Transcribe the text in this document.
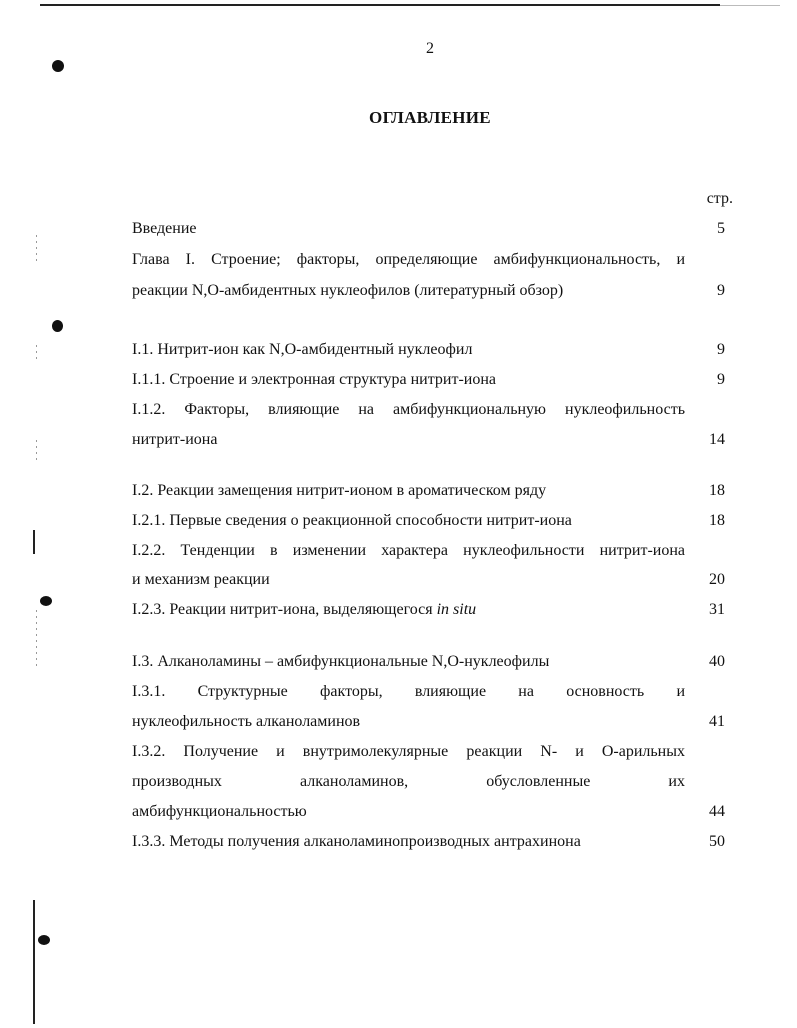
2
ОГЛАВЛЕНИЕ
стр.
Введение	5
Глава I. Строение; факторы, определяющие амбифункциональность, и
реакции N,O-амбидентных нуклеофилов (литературный обзор)	9
I.1. Нитрит-ион как N,O-амбидентный нуклеофил	9
I.1.1. Строение и электронная структура нитрит-иона	9
I.1.2. Факторы, влияющие на амбифункциональную нуклеофильность
нитрит-иона	14
I.2. Реакции замещения нитрит-ионом в ароматическом ряду	18
I.2.1. Первые сведения о реакционной способности нитрит-иона	18
I.2.2. Тенденции в изменении характера нуклеофильности нитрит-иона
и механизм реакции	20
I.2.3. Реакции нитрит-иона, выделяющегося in situ	31
I.3. Алканоламины – амбифункциональные N,O-нуклеофилы	40
I.3.1. Структурные факторы, влияющие на основность и
нуклеофильность алканоламинов	41
I.3.2. Получение и внутримолекулярные реакции N- и O-арильных
производных алканоламинов, обусловленные их
амбифункциональностью	44
I.3.3. Методы получения алканоламинопроизводных антрахинона	50
